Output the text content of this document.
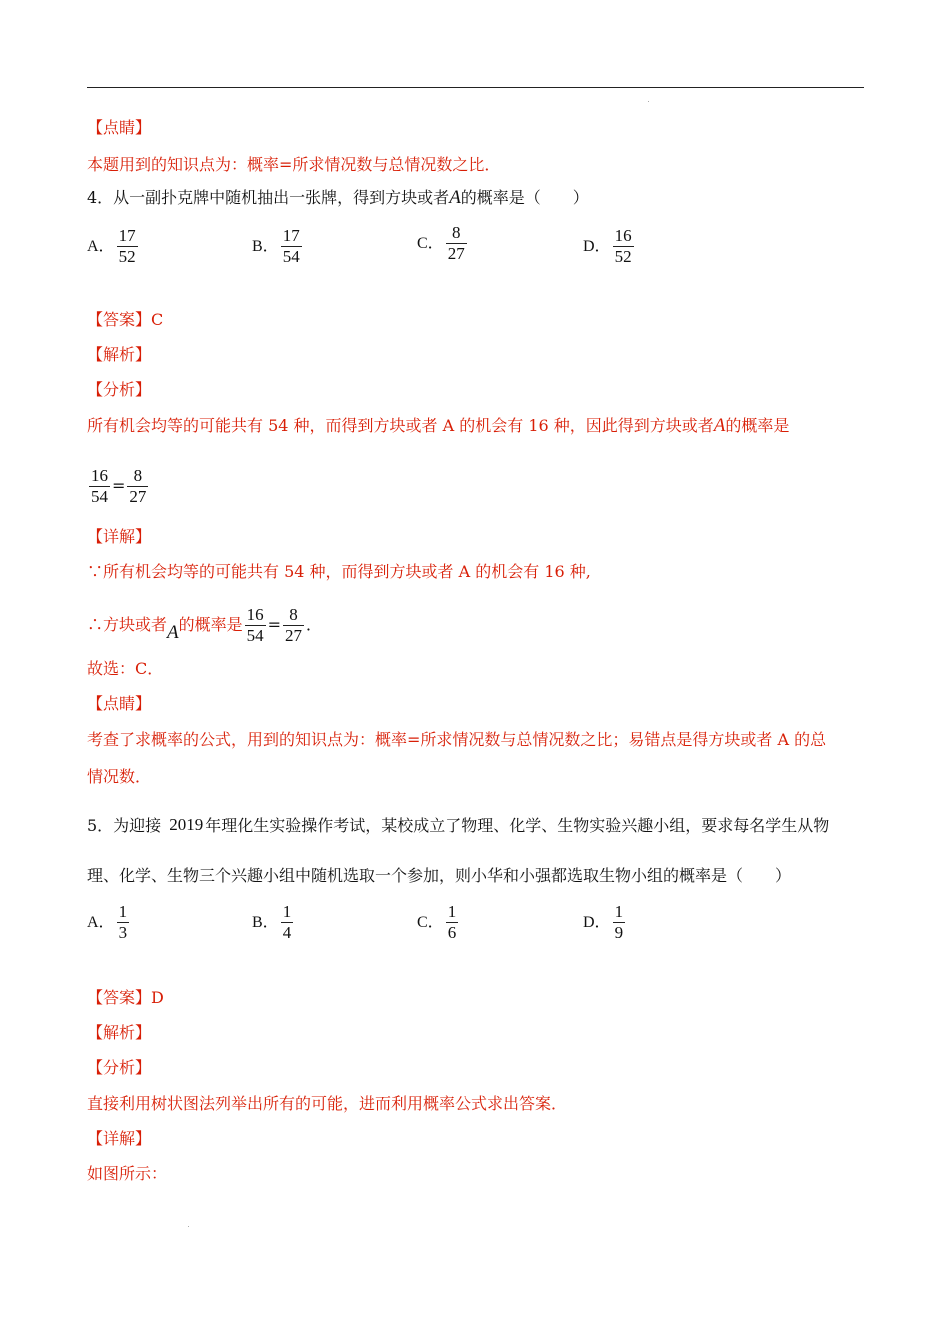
【点睛】
本题用到的知识点为：概率=所求情况数与总情况数之比．
4．从一副扑克牌中随机抽出一张牌，得到方块或者A的概率是（　　）
A． $\frac{17}{52}$	B． $\frac{17}{54}$	C． $\frac{8}{27}$	D． $\frac{16}{52}$
【答案】C
【解析】
【分析】
所有机会均等的可能共有 54 种，而得到方块或者 A 的机会有 16 种，因此得到方块或者A的概率是
$\frac{16}{54} = \frac{8}{27}$
【详解】
∵所有机会均等的可能共有 54 种，而得到方块或者 A 的机会有 16 种,
∴方块或者A的概率是 $\frac{16}{54} = \frac{8}{27}$ ．
故选：C．
【点睛】
考查了求概率的公式，用到的知识点为：概率=所求情况数与总情况数之比；易错点是得方块或者 A 的总
情况数．
5．为迎接 2019 年理化生实验操作考试，某校成立了物理、化学、生物实验兴趣小组，要求每名学生从物
理、化学、生物三个兴趣小组中随机选取一个参加，则小华和小强都选取生物小组的概率是（　　）
A． $\frac{1}{3}$	B． $\frac{1}{4}$	C． $\frac{1}{6}$	D． $\frac{1}{9}$
【答案】D
【解析】
【分析】
直接利用树状图法列举出所有的可能，进而利用概率公式求出答案．
【详解】
如图所示：
